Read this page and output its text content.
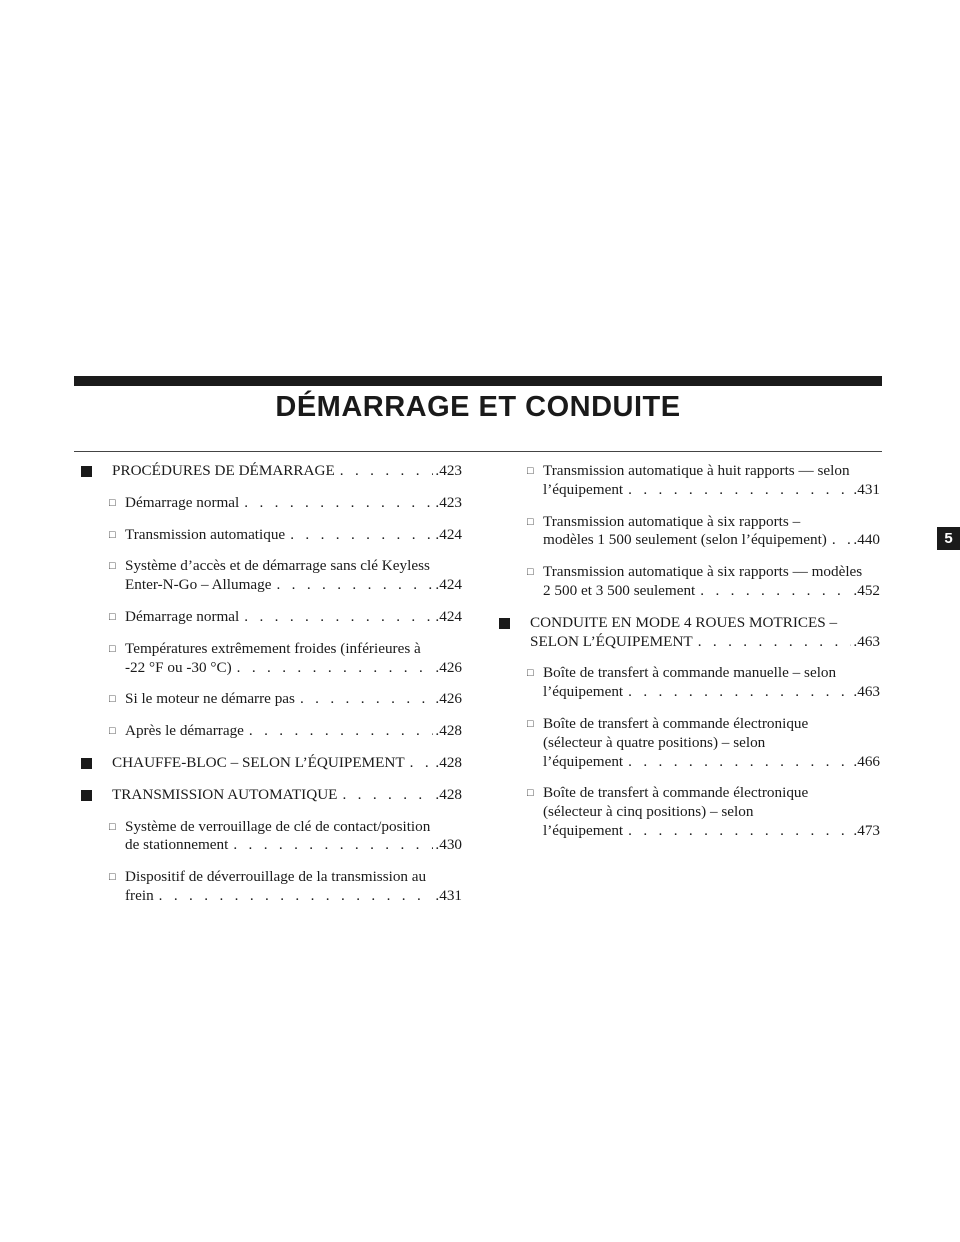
DÉMARRAGE ET CONDUITE
5
PROCÉDURES DE DÉMARRAGE . . .	.423
□ Démarrage normal . . .	.423
□ Transmission automatique . . .	.424
□ Système d’accès et de démarrage sans clé Keyless
Enter-N-Go – Allumage . . .	.424
□ Démarrage normal . . .	.424
□ Températures extrêmement froides (inférieures à
-22 °F ou -30 °C) . . .	.426
□ Si le moteur ne démarre pas . . .	.426
□ Après le démarrage . . .	.428
CHAUFFE-BLOC – SELON L’ÉQUIPEMENT . . . .428
TRANSMISSION AUTOMATIQUE . . .	.428
□ Système de verrouillage de clé de contact/position
de stationnement . . .	.430
□ Dispositif de déverrouillage de la transmission au
frein . . .	.431
□ Transmission automatique à huit rapports — selon
l’équipement . . .	.431
□ Transmission automatique à six rapports –
modèles 1 500 seulement (selon l’équipement) . . . .440
□ Transmission automatique à six rapports — modèles
2 500 et 3 500 seulement . . .	.452
CONDUITE EN MODE 4 ROUES MOTRICES –
SELON L’ÉQUIPEMENT . . .	.463
□ Boîte de transfert à commande manuelle – selon
l’équipement . . .	.463
□ Boîte de transfert à commande électronique
(sélecteur à quatre positions) – selon
l’équipement . . .	.466
□ Boîte de transfert à commande électronique
(sélecteur à cinq positions) – selon
l’équipement . . .	.473
